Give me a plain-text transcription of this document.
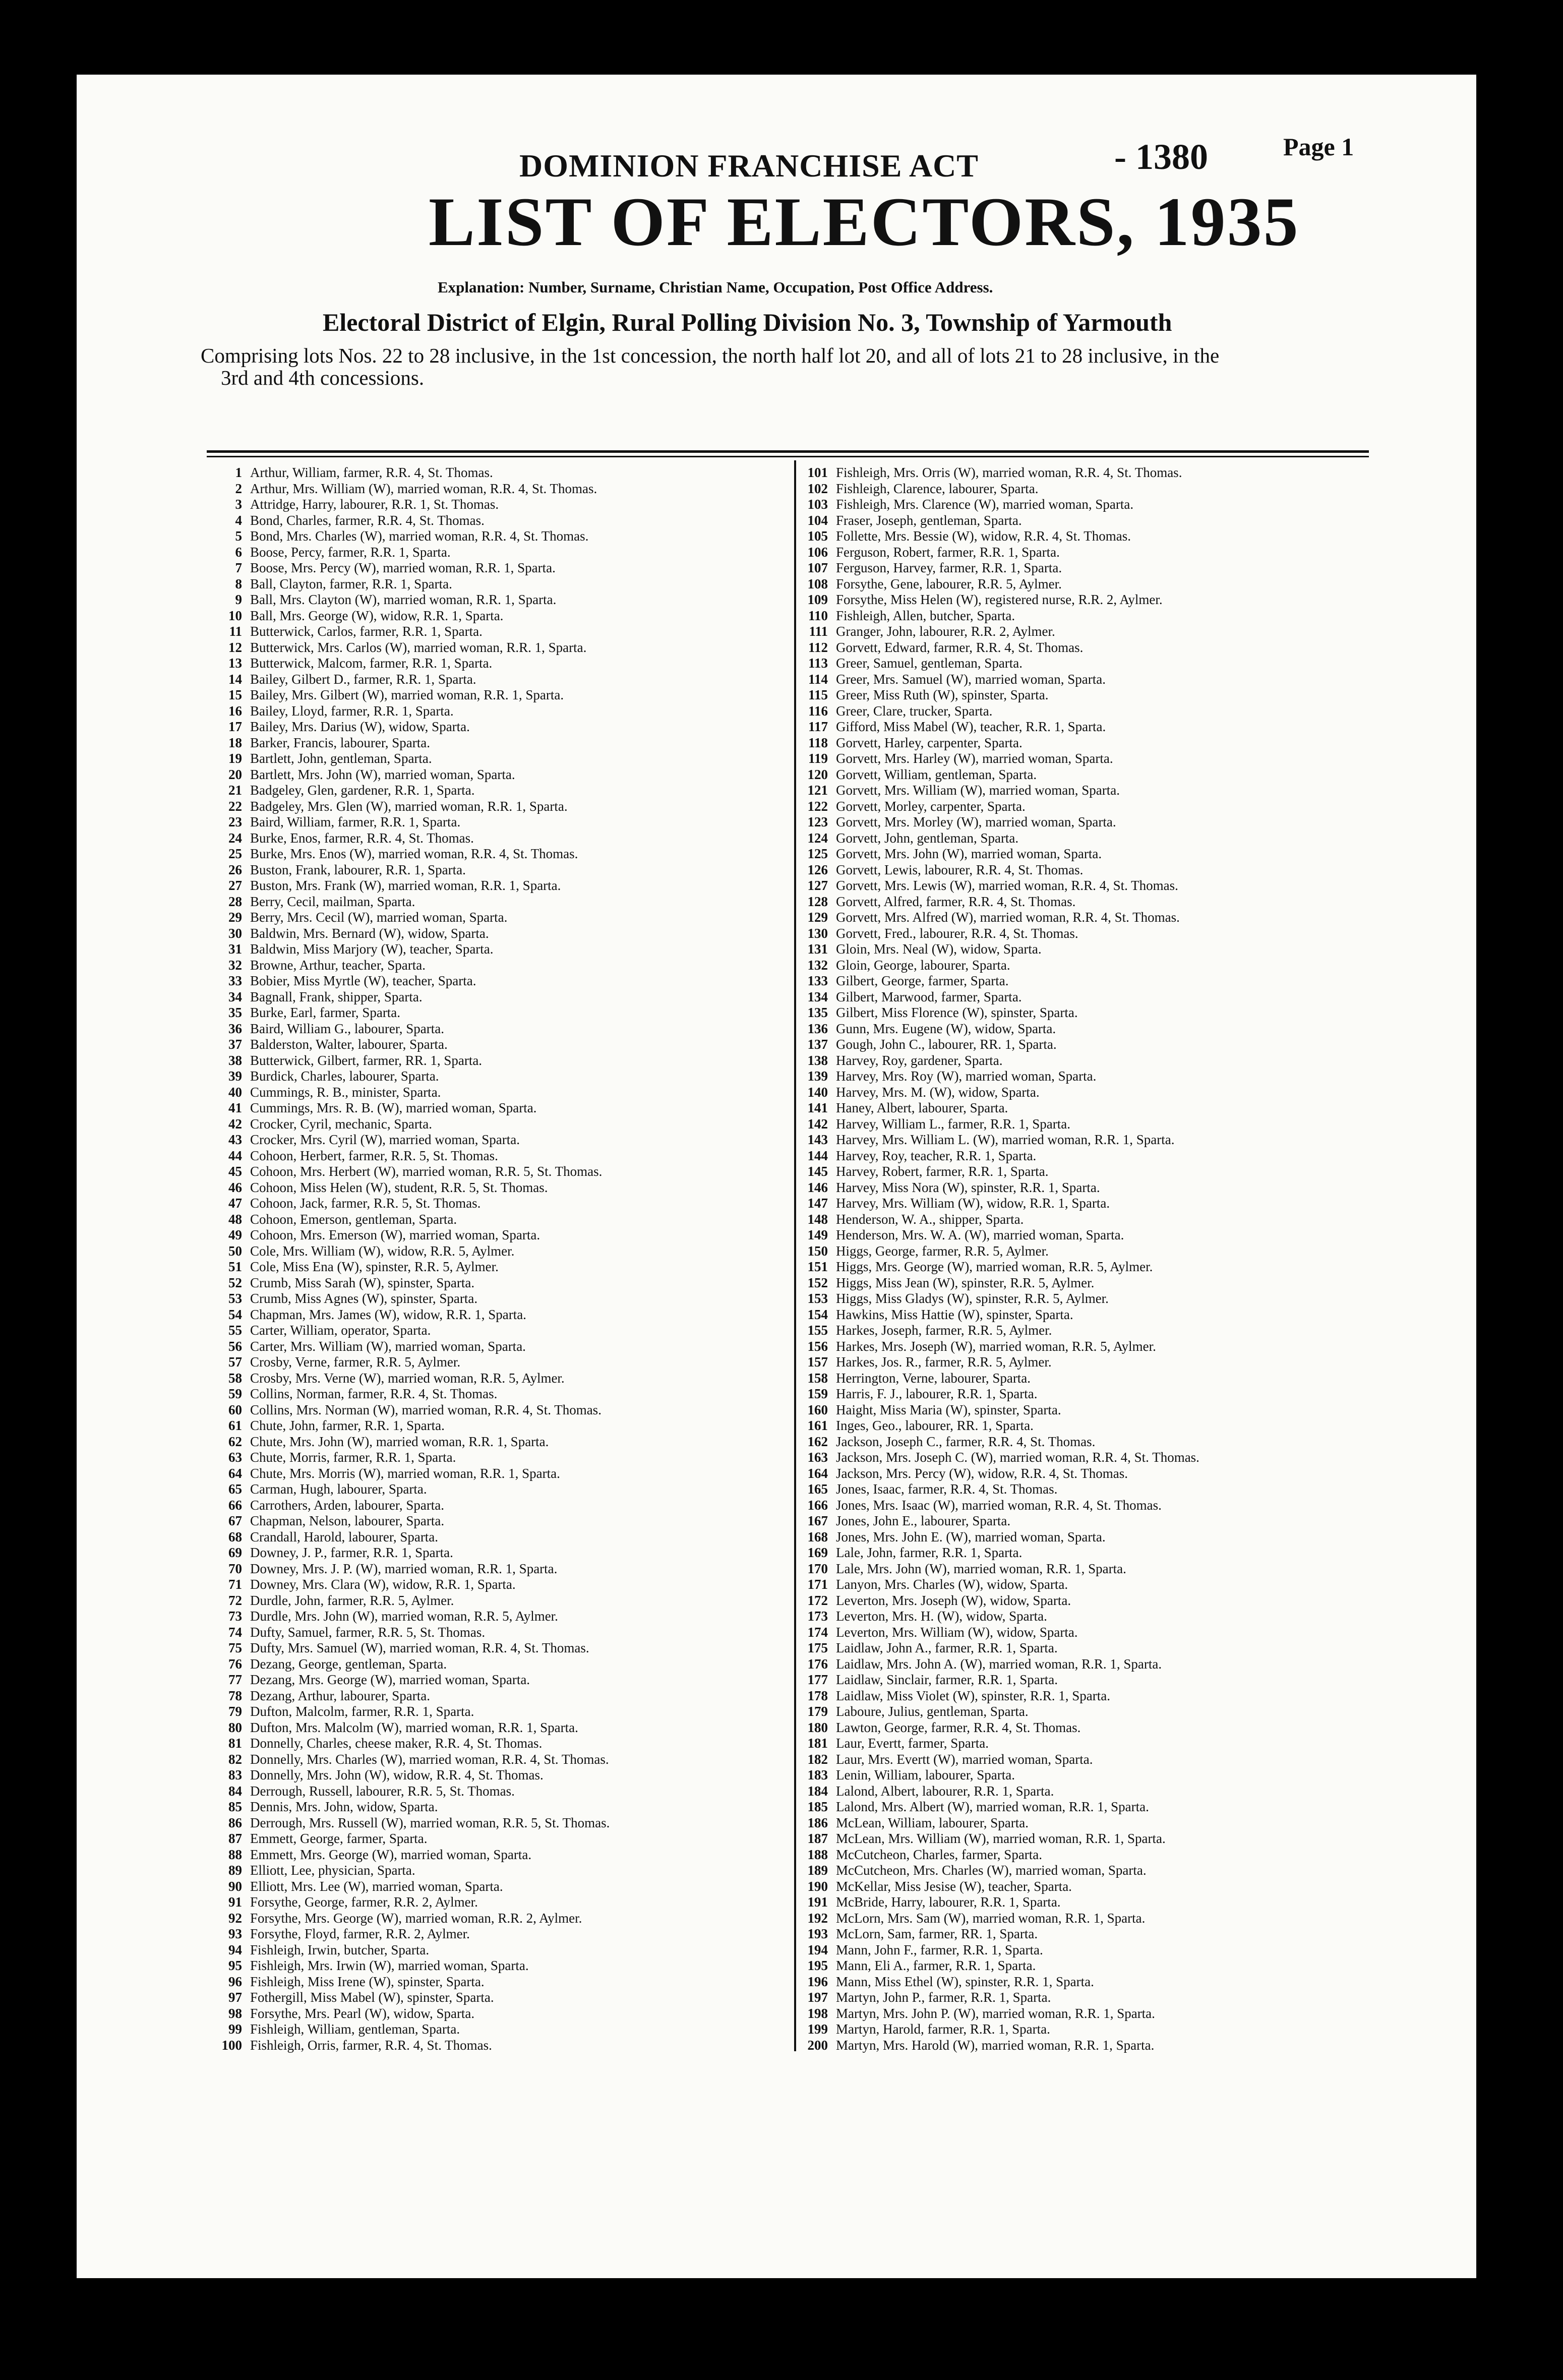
DOMINION FRANCHISE ACT	- 1380	Page 1
LIST OF ELECTORS, 1935
Explanation: Number, Surname, Christian Name, Occupation, Post Office Address.
Electoral District of Elgin, Rural Polling Division No. 3, Township of Yarmouth

Comprising lots Nos. 22 to 28 inclusive, in the 1st concession, the north half lot 20, and all of lots 21 to 28 inclusive, in the

3rd and 4th concessions.

1 Arthur, William, farmer, R.R. 4, St. Thomas.
2 Arthur, Mrs. William (W), married woman, R.R. 4, St. Thomas.
3 Attridge, Harry, labourer, R.R. 1, St. Thomas.
4 Bond, Charles, farmer, R.R. 4, St. Thomas.
5 Bond, Mrs. Charles (W), married woman, R.R. 4, St. Thomas.
6 Boose, Percy, farmer, R.R. 1, Sparta.
7 Boose, Mrs. Percy (W), married woman, R.R. 1, Sparta.
8 Ball, Clayton, farmer, R.R. 1, Sparta.
9 Ball, Mrs. Clayton (W), married woman, R.R. 1, Sparta.
10 Ball, Mrs. George (W), widow, R.R. 1, Sparta.
11 Butterwick, Carlos, farmer, R.R. 1, Sparta.
12 Butterwick, Mrs. Carlos (W), married woman, R.R. 1, Sparta.
13 Butterwick, Malcom, farmer, R.R. 1, Sparta.
14 Bailey, Gilbert D., farmer, R.R. 1, Sparta.
15 Bailey, Mrs. Gilbert (W), married woman, R.R. 1, Sparta.
16 Bailey, Lloyd, farmer, R.R. 1, Sparta.
17 Bailey, Mrs. Darius (W), widow, Sparta.
18 Barker, Francis, labourer, Sparta.
19 Bartlett, John, gentleman, Sparta.
20 Bartlett, Mrs. John (W), married woman, Sparta.
21 Badgeley, Glen, gardener, R.R. 1, Sparta.
22 Badgeley, Mrs. Glen (W), married woman, R.R. 1, Sparta.
23 Baird, William, farmer, R.R. 1, Sparta.
24 Burke, Enos, farmer, R.R. 4, St. Thomas.
25 Burke, Mrs. Enos (W), married woman, R.R. 4, St. Thomas.
26 Buston, Frank, labourer, R.R. 1, Sparta.
27 Buston, Mrs. Frank (W), married woman, R.R. 1, Sparta.
28 Berry, Cecil, mailman, Sparta.
29 Berry, Mrs. Cecil (W), married woman, Sparta.
30 Baldwin, Mrs. Bernard (W), widow, Sparta.
31 Baldwin, Miss Marjory (W), teacher, Sparta.
32 Browne, Arthur, teacher, Sparta.
33 Bobier, Miss Myrtle (W), teacher, Sparta.
34 Bagnall, Frank, shipper, Sparta.
35 Burke, Earl, farmer, Sparta.
36 Baird, William G., labourer, Sparta.
37 Balderston, Walter, labourer, Sparta.
38 Butterwick, Gilbert, farmer, RR. 1, Sparta.
39 Burdick, Charles, labourer, Sparta.
40 Cummings, R. B., minister, Sparta.
41 Cummings, Mrs. R. B. (W), married woman, Sparta.
42 Crocker, Cyril, mechanic, Sparta.
43 Crocker, Mrs. Cyril (W), married woman, Sparta.
44 Cohoon, Herbert, farmer, R.R. 5, St. Thomas.
45 Cohoon, Mrs. Herbert (W), married woman, R.R. 5, St. Thomas.
46 Cohoon, Miss Helen (W), student, R.R. 5, St. Thomas.
47 Cohoon, Jack, farmer, R.R. 5, St. Thomas.
48 Cohoon, Emerson, gentleman, Sparta.
49 Cohoon, Mrs. Emerson (W), married woman, Sparta.
50 Cole, Mrs. William (W), widow, R.R. 5, Aylmer.
51 Cole, Miss Ena (W), spinster, R.R. 5, Aylmer.
52 Crumb, Miss Sarah (W), spinster, Sparta.
53 Crumb, Miss Agnes (W), spinster, Sparta.
54 Chapman, Mrs. James (W), widow, R.R. 1, Sparta.
55 Carter, William, operator, Sparta.
56 Carter, Mrs. William (W), married woman, Sparta.
57 Crosby, Verne, farmer, R.R. 5, Aylmer.
58 Crosby, Mrs. Verne (W), married woman, R.R. 5, Aylmer.
59 Collins, Norman, farmer, R.R. 4, St. Thomas.
60 Collins, Mrs. Norman (W), married woman, R.R. 4, St. Thomas.
61 Chute, John, farmer, R.R. 1, Sparta.
62 Chute, Mrs. John (W), married woman, R.R. 1, Sparta.
63 Chute, Morris, farmer, R.R. 1, Sparta.
64 Chute, Mrs. Morris (W), married woman, R.R. 1, Sparta.
65 Carman, Hugh, labourer, Sparta.
66 Carrothers, Arden, labourer, Sparta.
67 Chapman, Nelson, labourer, Sparta.
68 Crandall, Harold, labourer, Sparta.
69 Downey, J. P., farmer, R.R. 1, Sparta.
70 Downey, Mrs. J. P. (W), married woman, R.R. 1, Sparta.
71 Downey, Mrs. Clara (W), widow, R.R. 1, Sparta.
72 Durdle, John, farmer, R.R. 5, Aylmer.
73 Durdle, Mrs. John (W), married woman, R.R. 5, Aylmer.
74 Dufty, Samuel, farmer, R.R. 5, St. Thomas.
75 Dufty, Mrs. Samuel (W), married woman, R.R. 4, St. Thomas.
76 Dezang, George, gentleman, Sparta.
77 Dezang, Mrs. George (W), married woman, Sparta.
78 Dezang, Arthur, labourer, Sparta.
79 Dufton, Malcolm, farmer, R.R. 1, Sparta.
80 Dufton, Mrs. Malcolm (W), married woman, R.R. 1, Sparta.
81 Donnelly, Charles, cheese maker, R.R. 4, St. Thomas.
82 Donnelly, Mrs. Charles (W), married woman, R.R. 4, St. Thomas.
83 Donnelly, Mrs. John (W), widow, R.R. 4, St. Thomas.
84 Derrough, Russell, labourer, R.R. 5, St. Thomas.
85 Dennis, Mrs. John, widow, Sparta.
86 Derrough, Mrs. Russell (W), married woman, R.R. 5, St. Thomas.
87 Emmett, George, farmer, Sparta.
88 Emmett, Mrs. George (W), married woman, Sparta.
89 Elliott, Lee, physician, Sparta.
90 Elliott, Mrs. Lee (W), married woman, Sparta.
91 Forsythe, George, farmer, R.R. 2, Aylmer.
92 Forsythe, Mrs. George (W), married woman, R.R. 2, Aylmer.
93 Forsythe, Floyd, farmer, R.R. 2, Aylmer.
94 Fishleigh, Irwin, butcher, Sparta.
95 Fishleigh, Mrs. Irwin (W), married woman, Sparta.
96 Fishleigh, Miss Irene (W), spinster, Sparta.
97 Fothergill, Miss Mabel (W), spinster, Sparta.
98 Forsythe, Mrs. Pearl (W), widow, Sparta.
99 Fishleigh, William, gentleman, Sparta.
100 Fishleigh, Orris, farmer, R.R. 4, St. Thomas.
101 Fishleigh, Mrs. Orris (W), married woman, R.R. 4, St. Thomas.
102 Fishleigh, Clarence, labourer, Sparta.
103 Fishleigh, Mrs. Clarence (W), married woman, Sparta.
104 Fraser, Joseph, gentleman, Sparta.
105 Follette, Mrs. Bessie (W), widow, R.R. 4, St. Thomas.
106 Ferguson, Robert, farmer, R.R. 1, Sparta.
107 Ferguson, Harvey, farmer, R.R. 1, Sparta.
108 Forsythe, Gene, labourer, R.R. 5, Aylmer.
109 Forsythe, Miss Helen (W), registered nurse, R.R. 2, Aylmer.
110 Fishleigh, Allen, butcher, Sparta.
111 Granger, John, labourer, R.R. 2, Aylmer.
112 Gorvett, Edward, farmer, R.R. 4, St. Thomas.
113 Greer, Samuel, gentleman, Sparta.
114 Greer, Mrs. Samuel (W), married woman, Sparta.
115 Greer, Miss Ruth (W), spinster, Sparta.
116 Greer, Clare, trucker, Sparta.
117 Gifford, Miss Mabel (W), teacher, R.R. 1, Sparta.
118 Gorvett, Harley, carpenter, Sparta.
119 Gorvett, Mrs. Harley (W), married woman, Sparta.
120 Gorvett, William, gentleman, Sparta.
121 Gorvett, Mrs. William (W), married woman, Sparta.
122 Gorvett, Morley, carpenter, Sparta.
123 Gorvett, Mrs. Morley (W), married woman, Sparta.
124 Gorvett, John, gentleman, Sparta.
125 Gorvett, Mrs. John (W), married woman, Sparta.
126 Gorvett, Lewis, labourer, R.R. 4, St. Thomas.
127 Gorvett, Mrs. Lewis (W), married woman, R.R. 4, St. Thomas.
128 Gorvett, Alfred, farmer, R.R. 4, St. Thomas.
129 Gorvett, Mrs. Alfred (W), married woman, R.R. 4, St. Thomas.
130 Gorvett, Fred., labourer, R.R. 4, St. Thomas.
131 Gloin, Mrs. Neal (W), widow, Sparta.
132 Gloin, George, labourer, Sparta.
133 Gilbert, George, farmer, Sparta.
134 Gilbert, Marwood, farmer, Sparta.
135 Gilbert, Miss Florence (W), spinster, Sparta.
136 Gunn, Mrs. Eugene (W), widow, Sparta.
137 Gough, John C., labourer, RR. 1, Sparta.
138 Harvey, Roy, gardener, Sparta.
139 Harvey, Mrs. Roy (W), married woman, Sparta.
140 Harvey, Mrs. M. (W), widow, Sparta.
141 Haney, Albert, labourer, Sparta.
142 Harvey, William L., farmer, R.R. 1, Sparta.
143 Harvey, Mrs. William L. (W), married woman, R.R. 1, Sparta.
144 Harvey, Roy, teacher, R.R. 1, Sparta.
145 Harvey, Robert, farmer, R.R. 1, Sparta.
146 Harvey, Miss Nora (W), spinster, R.R. 1, Sparta.
147 Harvey, Mrs. William (W), widow, R.R. 1, Sparta.
148 Henderson, W. A., shipper, Sparta.
149 Henderson, Mrs. W. A. (W), married woman, Sparta.
150 Higgs, George, farmer, R.R. 5, Aylmer.
151 Higgs, Mrs. George (W), married woman, R.R. 5, Aylmer.
152 Higgs, Miss Jean (W), spinster, R.R. 5, Aylmer.
153 Higgs, Miss Gladys (W), spinster, R.R. 5, Aylmer.
154 Hawkins, Miss Hattie (W), spinster, Sparta.
155 Harkes, Joseph, farmer, R.R. 5, Aylmer.
156 Harkes, Mrs. Joseph (W), married woman, R.R. 5, Aylmer.
157 Harkes, Jos. R., farmer, R.R. 5, Aylmer.
158 Herrington, Verne, labourer, Sparta.
159 Harris, F. J., labourer, R.R. 1, Sparta.
160 Haight, Miss Maria (W), spinster, Sparta.
161 Inges, Geo., labourer, RR. 1, Sparta.
162 Jackson, Joseph C., farmer, R.R. 4, St. Thomas.
163 Jackson, Mrs. Joseph C. (W), married woman, R.R. 4, St. Thomas.
164 Jackson, Mrs. Percy (W), widow, R.R. 4, St. Thomas.
165 Jones, Isaac, farmer, R.R. 4, St. Thomas.
166 Jones, Mrs. Isaac (W), married woman, R.R. 4, St. Thomas.
167 Jones, John E., labourer, Sparta.
168 Jones, Mrs. John E. (W), married woman, Sparta.
169 Lale, John, farmer, R.R. 1, Sparta.
170 Lale, Mrs. John (W), married woman, R.R. 1, Sparta.
171 Lanyon, Mrs. Charles (W), widow, Sparta.
172 Leverton, Mrs. Joseph (W), widow, Sparta.
173 Leverton, Mrs. H. (W), widow, Sparta.
174 Leverton, Mrs. William (W), widow, Sparta.
175 Laidlaw, John A., farmer, R.R. 1, Sparta.
176 Laidlaw, Mrs. John A. (W), married woman, R.R. 1, Sparta.
177 Laidlaw, Sinclair, farmer, R.R. 1, Sparta.
178 Laidlaw, Miss Violet (W), spinster, R.R. 1, Sparta.
179 Laboure, Julius, gentleman, Sparta.
180 Lawton, George, farmer, R.R. 4, St. Thomas.
181 Laur, Evertt, farmer, Sparta.
182 Laur, Mrs. Evertt (W), married woman, Sparta.
183 Lenin, William, labourer, Sparta.
184 Lalond, Albert, labourer, R.R. 1, Sparta.
185 Lalond, Mrs. Albert (W), married woman, R.R. 1, Sparta.
186 McLean, William, labourer, Sparta.
187 McLean, Mrs. William (W), married woman, R.R. 1, Sparta.
188 McCutcheon, Charles, farmer, Sparta.
189 McCutcheon, Mrs. Charles (W), married woman, Sparta.
190 McKellar, Miss Jesise (W), teacher, Sparta.
191 McBride, Harry, labourer, R.R. 1, Sparta.
192 McLorn, Mrs. Sam (W), married woman, R.R. 1, Sparta.
193 McLorn, Sam, farmer, RR. 1, Sparta.
194 Mann, John F., farmer, R.R. 1, Sparta.
195 Mann, Eli A., farmer, R.R. 1, Sparta.
196 Mann, Miss Ethel (W), spinster, R.R. 1, Sparta.
197 Martyn, John P., farmer, R.R. 1, Sparta.
198 Martyn, Mrs. John P. (W), married woman, R.R. 1, Sparta.
199 Martyn, Harold, farmer, R.R. 1, Sparta.
200 Martyn, Mrs. Harold (W), married woman, R.R. 1, Sparta.
